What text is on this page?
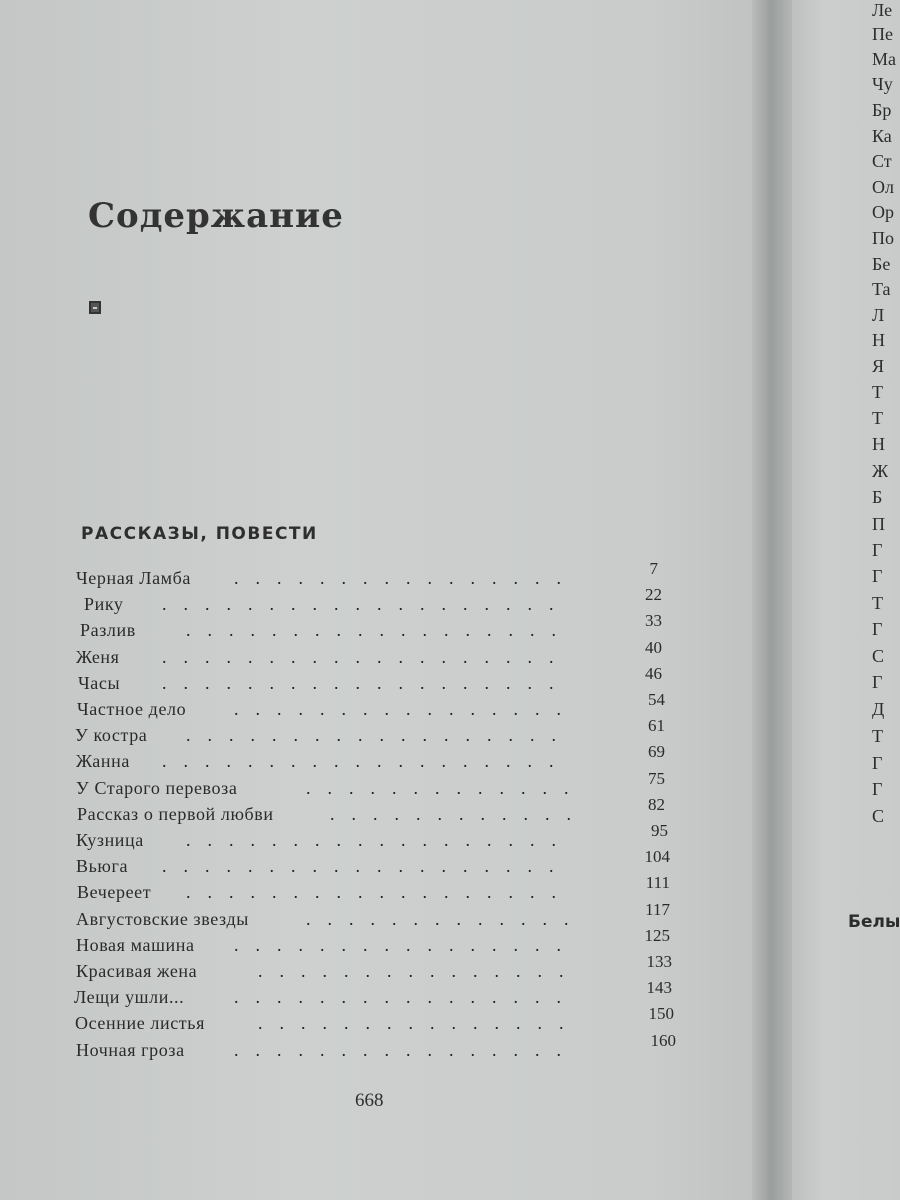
Белы
Ле
Пе
Ма
Чу
Бр
Ка
Ст
Ол
Ор
По
Бе
Та
Л
Н
Я
Т
Т
Н
Ж
Б
П
Г
Г
Т
Г
С
Г
Д
Т
Г
Г
С
Содержание
РАССКАЗЫ, ПОВЕСТИ
Черная Ламба ................	7
Рику ...................	22
Разлив	..................	33
Женя ...................	40
Часы ...................	46
Частное дело	................	54
У костра ..................	61
Жанна ...................	69
У Старого перевоза	.............	75
Рассказ о первой любви	............	82
Кузница ..................	95
Вьюга ...................	104
Вечереет ..................	111
Августовские звезды	.............	117
Новая машина ................	125
Красивая жена	...............	133
Лещи ушли...	................	143
Осенние листья	...............	150
Ночная гроза	................	160
668
